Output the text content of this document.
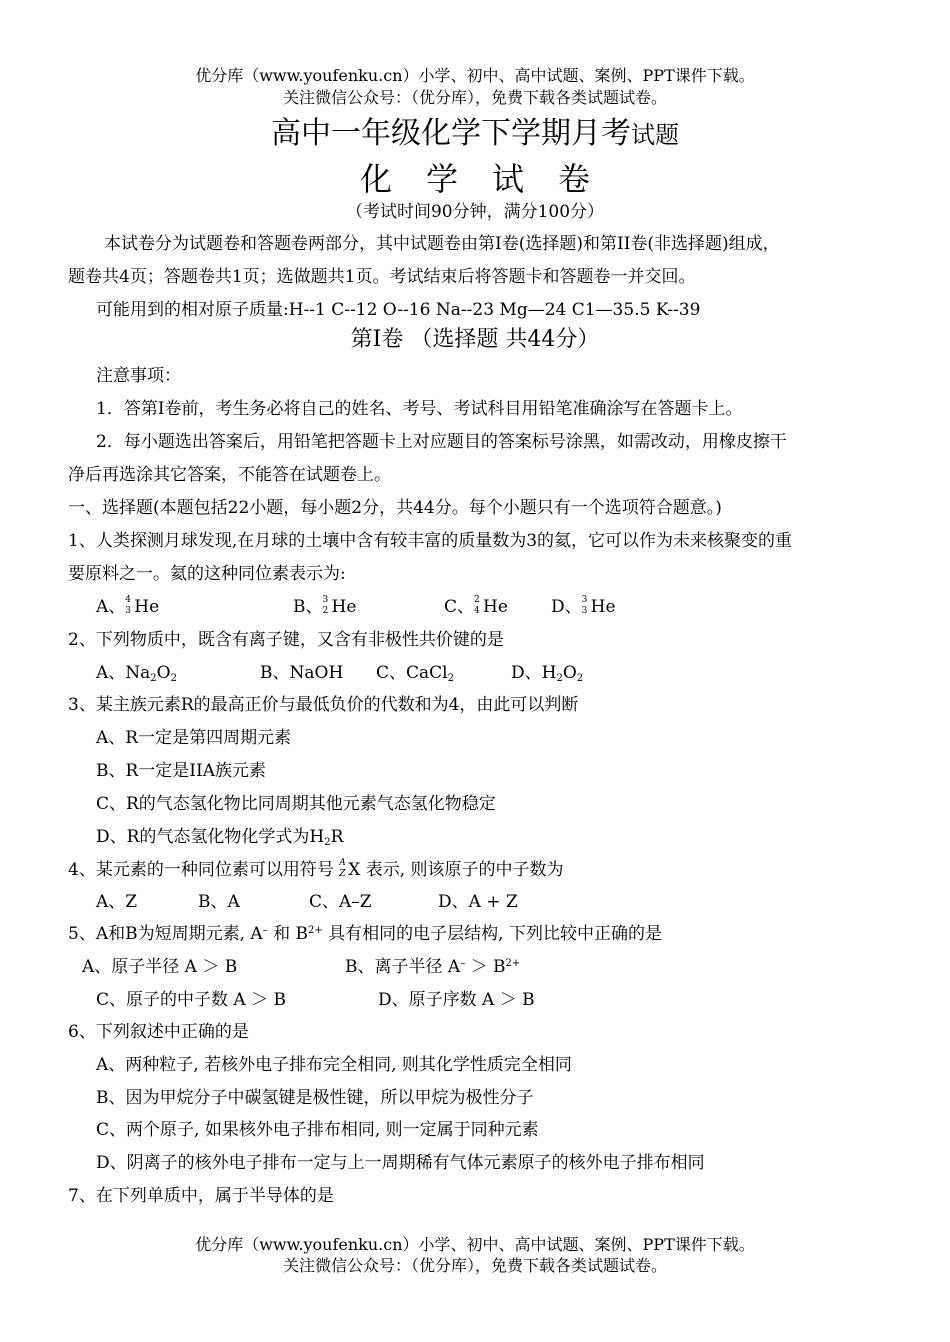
优分库（www.youfenku.cn）小学、初中、高中试题、案例、PPT课件下载。
关注微信公众号：（优分库），免费下载各类试题试卷。
高中一年级化学下学期月考试题
化学试卷
（考试时间90分钟，满分100分）
本试卷分为试题卷和答题卷两部分，其中试题卷由第I卷(选择题)和第II卷(非选择题)组成，
题卷共4页；答题卷共1页；选做题共1页。考试结束后将答题卡和答题卷一并交回。
可能用到的相对原子质量:H--1 C--12 O--16 Na--23 Mg—24 C1—35.5 K--39
第I卷 （选择题 共44分）
注意事项：
1．答第I卷前，考生务必将自己的姓名、考号、考试科目用铅笔准确涂写在答题卡上。
2．每小题选出答案后，用铅笔把答题卡上对应题目的答案标号涂黑，如需改动，用橡皮擦干
净后再选涂其它答案，不能答在试题卷上。
一、选择题(本题包括22小题，每小题2分，共44分。每个小题只有一个选项符合题意。)
1、人类探测月球发现,在月球的土壤中含有较丰富的质量数为3的氦，它可以作为未来核聚变的重
要原料之一。氦的这种同位素表示为:
A、 4
3 He	B、 3
2 He	C、 2
4 He	D、 3
3 He
2、下列物质中，既含有离子键，又含有非极性共价键的是
A、$Na_2O_2$	B、NaOH C、CaCl$_2$	D、$H_2O_2$
3、某主族元素R的最高正价与最低负价的代数和为4，由此可以判断
A、R一定是第四周期元素
B、R一定是IIA族元素
C、R的气态氢化物比同周期其他元素气态氢化物稳定
D、R的气态氢化物化学式为$H_2R$
4、某元素的一种同位素可以用符号 A
Z X 表示, 则该原子的中子数为
A、Z	B、A	C、A–Z	D、A + Z
5、A和B为短周期元素, A– 和 $B^{2+}$ 具有相同的电子层结构, 下列比较中正确的是
A、原子半径 A ＞ B	B、离子半径 $A^- > B^{2+}$
C、原子的中子数 A ＞ B	D、原子序数 A ＞ B
6、下列叙述中正确的是
A、两种粒子, 若核外电子排布完全相同, 则其化学性质完全相同
B、因为甲烷分子中碳氢键是极性键，所以甲烷为极性分子
C、两个原子, 如果核外电子排布相同, 则一定属于同种元素
D、阴离子的核外电子排布一定与上一周期稀有气体元素原子的核外电子排布相同
7、在下列单质中，属于半导体的是
优分库（www.youfenku.cn）小学、初中、高中试题、案例、PPT课件下载。
关注微信公众号：（优分库），免费下载各类试题试卷。
